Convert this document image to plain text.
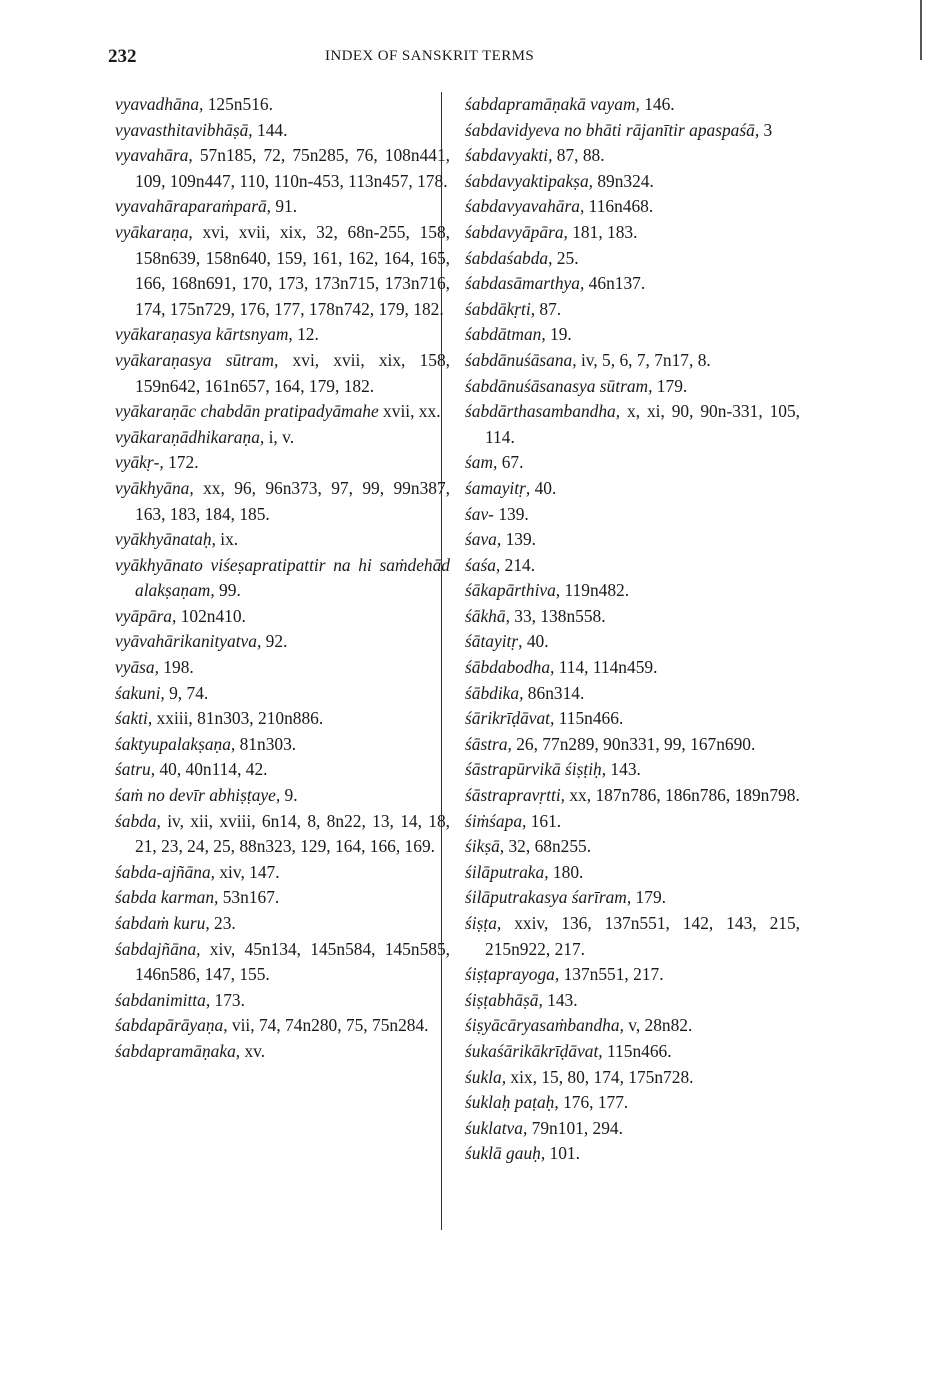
232	INDEX OF SANSKRIT TERMS
vyavadhāna, 125n516.
vyavasthitavibhāṣā, 144.
vyavahāra, 57n185, 72, 75n285, 76, 108n441, 109, 109n447, 110, 110n-453, 113n457, 178.
vyavahāraparaṁparā, 91.
vyākaraṇa, xvi, xvii, xix, 32, 68n-255, 158, 158n639, 158n640, 159, 161, 162, 164, 165, 166, 168n691, 170, 173, 173n715, 173n716, 174, 175n729, 176, 177, 178n742, 179, 182.
vyākaraṇasya kārtsnyam, 12.
vyākaraṇasya sūtram, xvi, xvii, xix, 158, 159n642, 161n657, 164, 179, 182.
vyākaraṇāc chabdān pratipadyāmahe xvii, xx.
vyākaraṇādhikaraṇa, i, v.
vyākṛ-, 172.
vyākhyāna, xx, 96, 96n373, 97, 99, 99n387, 163, 183, 184, 185.
vyākhyānataḥ, ix.
vyākhyānato viśeṣapratipattir na hi saṁdehād alakṣaṇam, 99.
vyāpāra, 102n410.
vyāvahārikanityatva, 92.
vyāsa, 198.
śakuni, 9, 74.
śakti, xxiii, 81n303, 210n886.
śaktyupalakṣaṇa, 81n303.
śatru, 40, 40n114, 42.
śaṁ no devīr abhiṣṭaye, 9.
śabda, iv, xii, xviii, 6n14, 8, 8n22, 13, 14, 18, 21, 23, 24, 25, 88n323, 129, 164, 166, 169.
śabda-ajñāna, xiv, 147.
śabda karman, 53n167.
śabdaṁ kuru, 23.
śabdajñāna, xiv, 45n134, 145n584, 145n585, 146n586, 147, 155.
śabdanimitta, 173.
śabdapārāyaṇa, vii, 74, 74n280, 75, 75n284.
śabdapramāṇaka, xv.
śabdapramāṇakā vayam, 146.
śabdavidyeva no bhāti rājanītir apaspaśā, 3
śabdavyakti, 87, 88.
śabdavyaktipakṣa, 89n324.
śabdavyavahāra, 116n468.
śabdavyāpāra, 181, 183.
śabdaśabda, 25.
śabdasāmarthya, 46n137.
śabdākṛti, 87.
śabdātman, 19.
śabdānuśāsana, iv, 5, 6, 7, 7n17, 8.
śabdānuśāsanasya sūtram, 179.
śabdārthasambandha, x, xi, 90, 90n-331, 105, 114.
śam, 67.
śamayitṛ, 40.
śav- 139.
śava, 139.
śaśa, 214.
śākapārthiva, 119n482.
śākhā, 33, 138n558.
śātayitṛ, 40.
śābdabodha, 114, 114n459.
śābdika, 86n314.
śārikrīḍāvat, 115n466.
śāstra, 26, 77n289, 90n331, 99, 167n690.
śāstrapūrvikā śiṣṭiḥ, 143.
śāstrapravṛtti, xx, 187n786, 186n786, 189n798.
śiṁśapa, 161.
śikṣā, 32, 68n255.
śilāputraka, 180.
śilāputrakasya śarīram, 179.
śiṣṭa, xxiv, 136, 137n551, 142, 143, 215, 215n922, 217.
śiṣṭaprayoga, 137n551, 217.
śiṣṭabhāṣā, 143.
śiṣyācāryasaṁbandha, v, 28n82.
śukaśārikākrīḍāvat, 115n466.
śukla, xix, 15, 80, 174, 175n728.
śuklaḥ paṭaḥ, 176, 177.
śuklatva, 79n101, 294.
śuklā gauḥ, 101.
